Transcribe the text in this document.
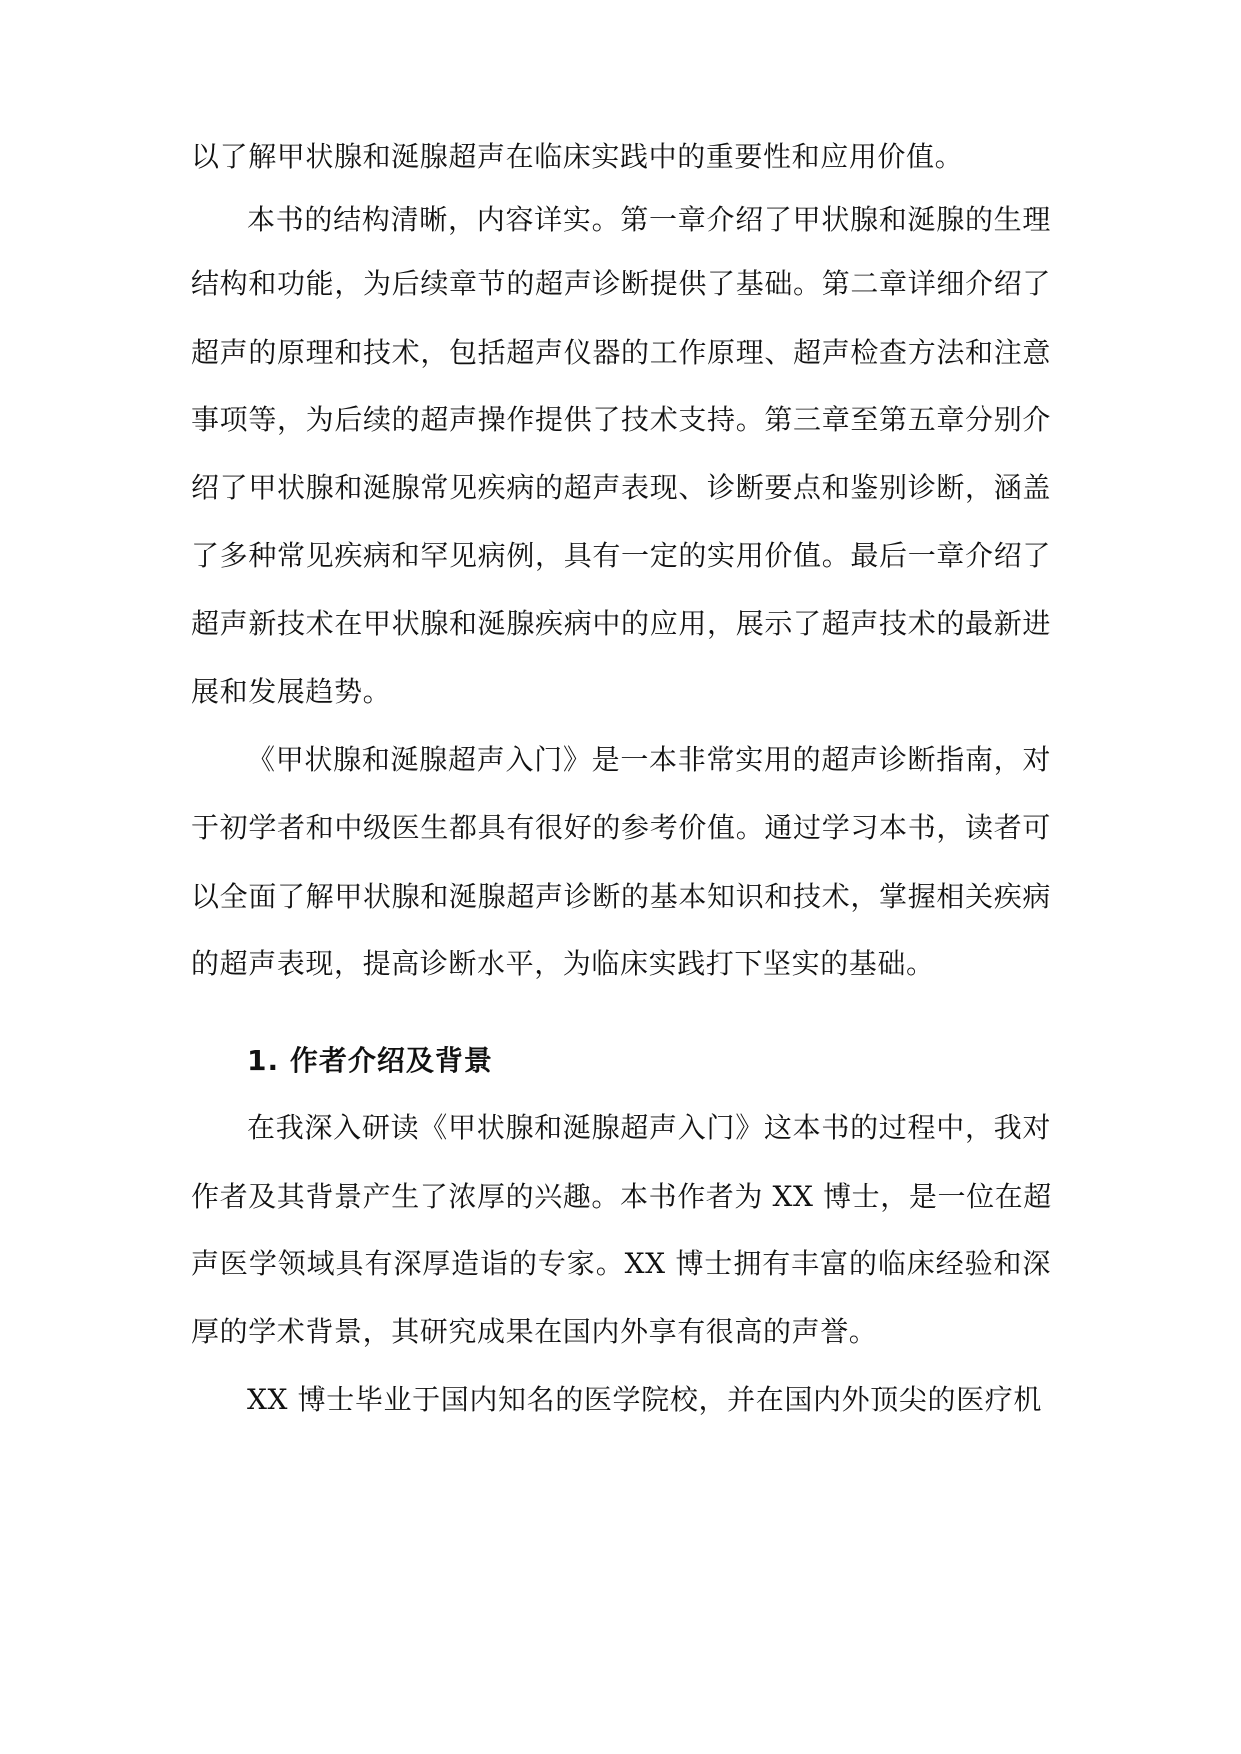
以了解甲状腺和涎腺超声在临床实践中的重要性和应用价值。
本书的结构清晰，内容详实。第一章介绍了甲状腺和涎腺的生理
结构和功能，为后续章节的超声诊断提供了基础。第二章详细介绍了
超声的原理和技术，包括超声仪器的工作原理、超声检查方法和注意
事项等，为后续的超声操作提供了技术支持。第三章至第五章分别介
绍了甲状腺和涎腺常见疾病的超声表现、诊断要点和鉴别诊断，涵盖
了多种常见疾病和罕见病例，具有一定的实用价值。最后一章介绍了
超声新技术在甲状腺和涎腺疾病中的应用，展示了超声技术的最新进
展和发展趋势。
《甲状腺和涎腺超声入门》是一本非常实用的超声诊断指南，对
于初学者和中级医生都具有很好的参考价值。通过学习本书，读者可
以全面了解甲状腺和涎腺超声诊断的基本知识和技术，掌握相关疾病
的超声表现，提高诊断水平，为临床实践打下坚实的基础。
1. 作者介绍及背景
在我深入研读《甲状腺和涎腺超声入门》这本书的过程中，我对
作者及其背景产生了浓厚的兴趣。本书作者为 XX 博士，是一位在超
声医学领域具有深厚造诣的专家。XX 博士拥有丰富的临床经验和深
厚的学术背景，其研究成果在国内外享有很高的声誉。
XX 博士毕业于国内知名的医学院校，并在国内外顶尖的医疗机
